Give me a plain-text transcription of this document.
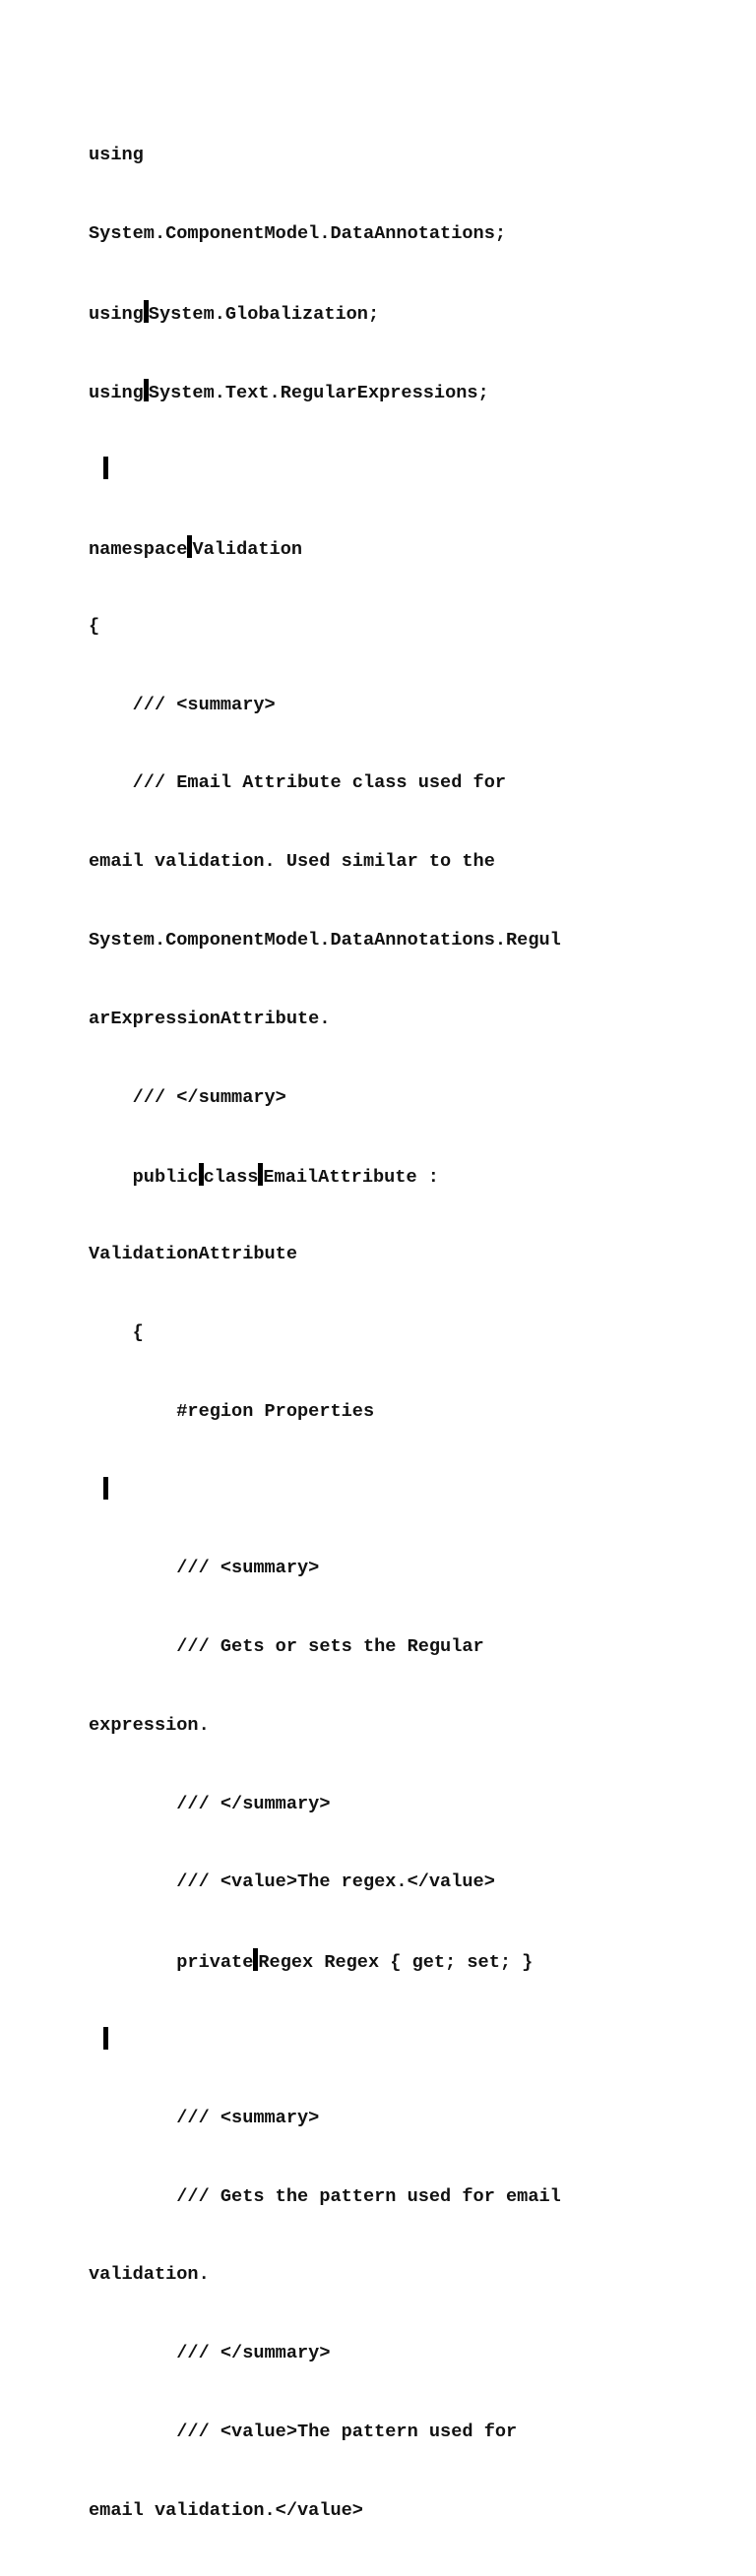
using

System.ComponentModel.DataAnnotations;

using System.Globalization;

using System.Text.RegularExpressions;

namespace Validation

{

/// <summary>

/// Email Attribute class used for

email validation. Used similar to the

System.ComponentModel.DataAnnotations.Regul

arExpressionAttribute.

/// </summary>

public class EmailAttribute :

ValidationAttribute

{

#region Properties

/// <summary>

/// Gets or sets the Regular

expression.

/// </summary>

/// <value>The regex.</value>

private Regex Regex { get; set; }

/// <summary>

/// Gets the pattern used for email

validation.

/// </summary>

/// <value>The pattern used for

email validation.</value>
